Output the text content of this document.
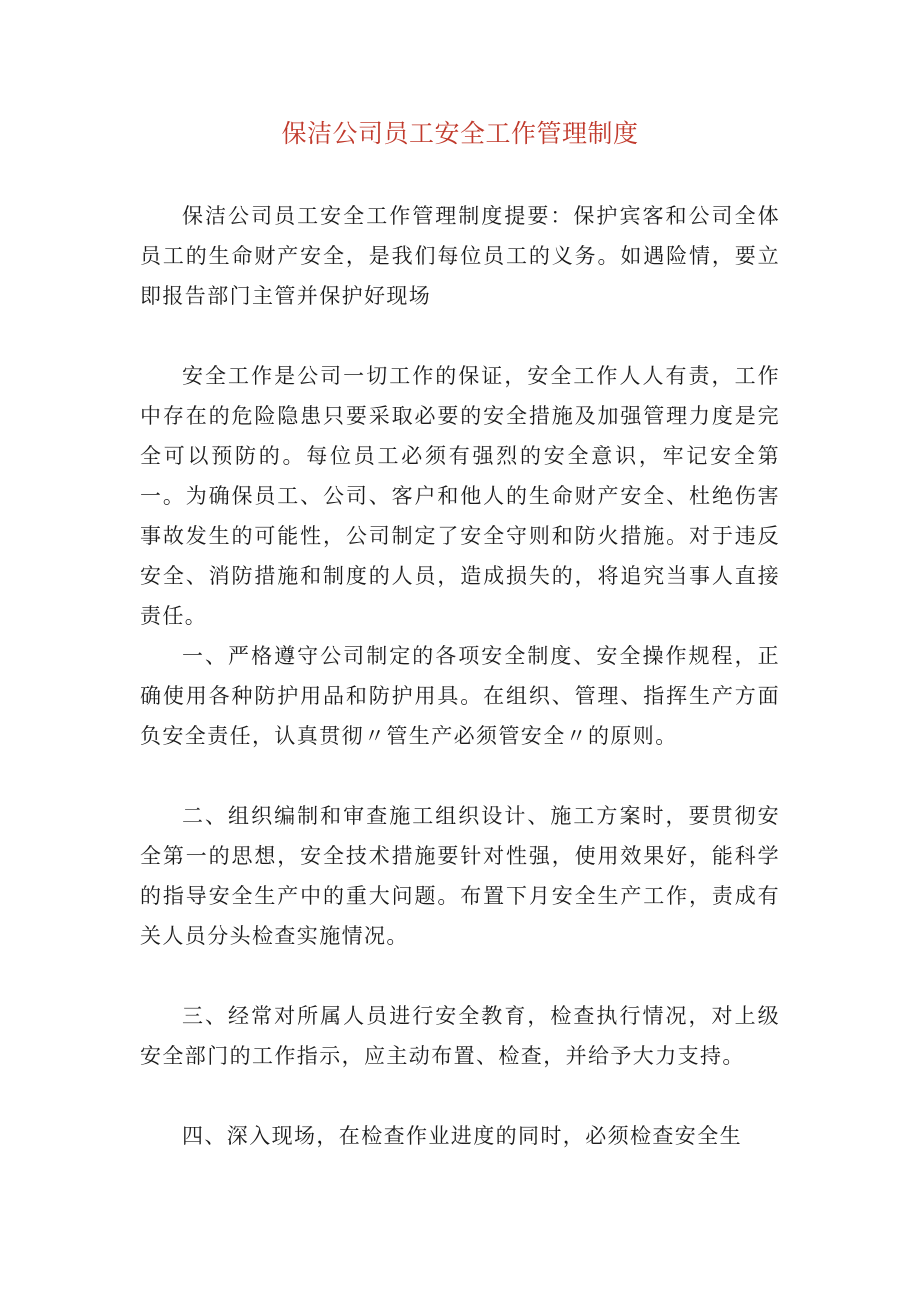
保洁公司员工安全工作管理制度

保洁公司员工安全工作管理制度提要：保护宾客和公司全体员工的生命财产安全，是我们每位员工的义务。如遇险情，要立即报告部门主管并保护好现场

安全工作是公司一切工作的保证，安全工作人人有责，工作中存在的危险隐患只要采取必要的安全措施及加强管理力度是完全可以预防的。每位员工必须有强烈的安全意识，牢记安全第一。为确保员工、公司、客户和他人的生命财产安全、杜绝伤害事故发生的可能性，公司制定了安全守则和防火措施。对于违反安全、消防措施和制度的人员，造成损失的，将追究当事人直接责任。

一、严格遵守公司制定的各项安全制度、安全操作规程，正确使用各种防护用品和防护用具。在组织、管理、指挥生产方面负安全责任，认真贯彻〃管生产必须管安全〃的原则。

二、组织编制和审查施工组织设计、施工方案时，要贯彻安全第一的思想，安全技术措施要针对性强，使用效果好，能科学的指导安全生产中的重大问题。布置下月安全生产工作，责成有关人员分头检查实施情况。

三、经常对所属人员进行安全教育，检查执行情况，对上级安全部门的工作指示，应主动布置、检查，并给予大力支持。

四、深入现场，在检查作业进度的同时，必须检查安全生
